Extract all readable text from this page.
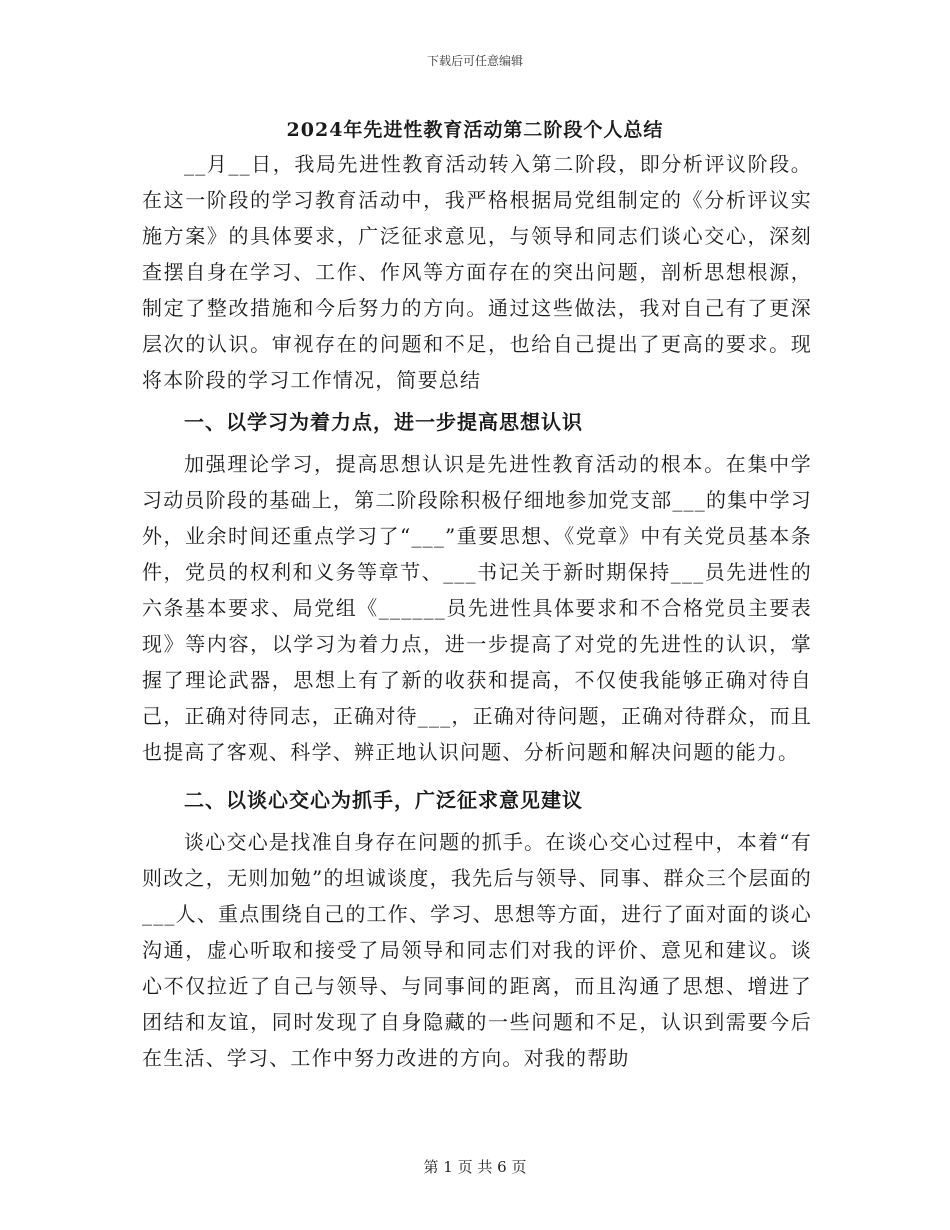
下载后可任意编辑
2024年先进性教育活动第二阶段个人总结

__月__日，我局先进性教育活动转入第二阶段，即分析评议阶段。在这一阶段的学习教育活动中，我严格根据局党组制定的《分析评议实施方案》的具体要求，广泛征求意见，与领导和同志们谈心交心，深刻查摆自身在学习、工作、作风等方面存在的突出问题，剖析思想根源，制定了整改措施和今后努力的方向。通过这些做法，我对自己有了更深层次的认识。审视存在的问题和不足，也给自己提出了更高的要求。现将本阶段的学习工作情况，简要总结

一、以学习为着力点，进一步提高思想认识

加强理论学习，提高思想认识是先进性教育活动的根本。在集中学习动员阶段的基础上，第二阶段除积极仔细地参加党支部___的集中学习外，业余时间还重点学习了“___”重要思想、《党章》中有关党员基本条件，党员的权利和义务等章节、___书记关于新时期保持___员先进性的六条基本要求、局党组《______员先进性具体要求和不合格党员主要表现》等内容，以学习为着力点，进一步提高了对党的先进性的认识，掌握了理论武器，思想上有了新的收获和提高，不仅使我能够正确对待自己，正确对待同志，正确对待___，正确对待问题，正确对待群众，而且也提高了客观、科学、辨正地认识问题、分析问题和解决问题的能力。

二、以谈心交心为抓手，广泛征求意见建议

谈心交心是找准自身存在问题的抓手。在谈心交心过程中，本着“有则改之，无则加勉”的坦诚谈度，我先后与领导、同事、群众三个层面的___人、重点围绕自己的工作、学习、思想等方面，进行了面对面的谈心沟通，虚心听取和接受了局领导和同志们对我的评价、意见和建议。谈心不仅拉近了自己与领导、与同事间的距离，而且沟通了思想、增进了团结和友谊，同时发现了自身隐藏的一些问题和不足，认识到需要今后在生活、学习、工作中努力改进的方向。对我的帮助

第 1 页 共 6 页
